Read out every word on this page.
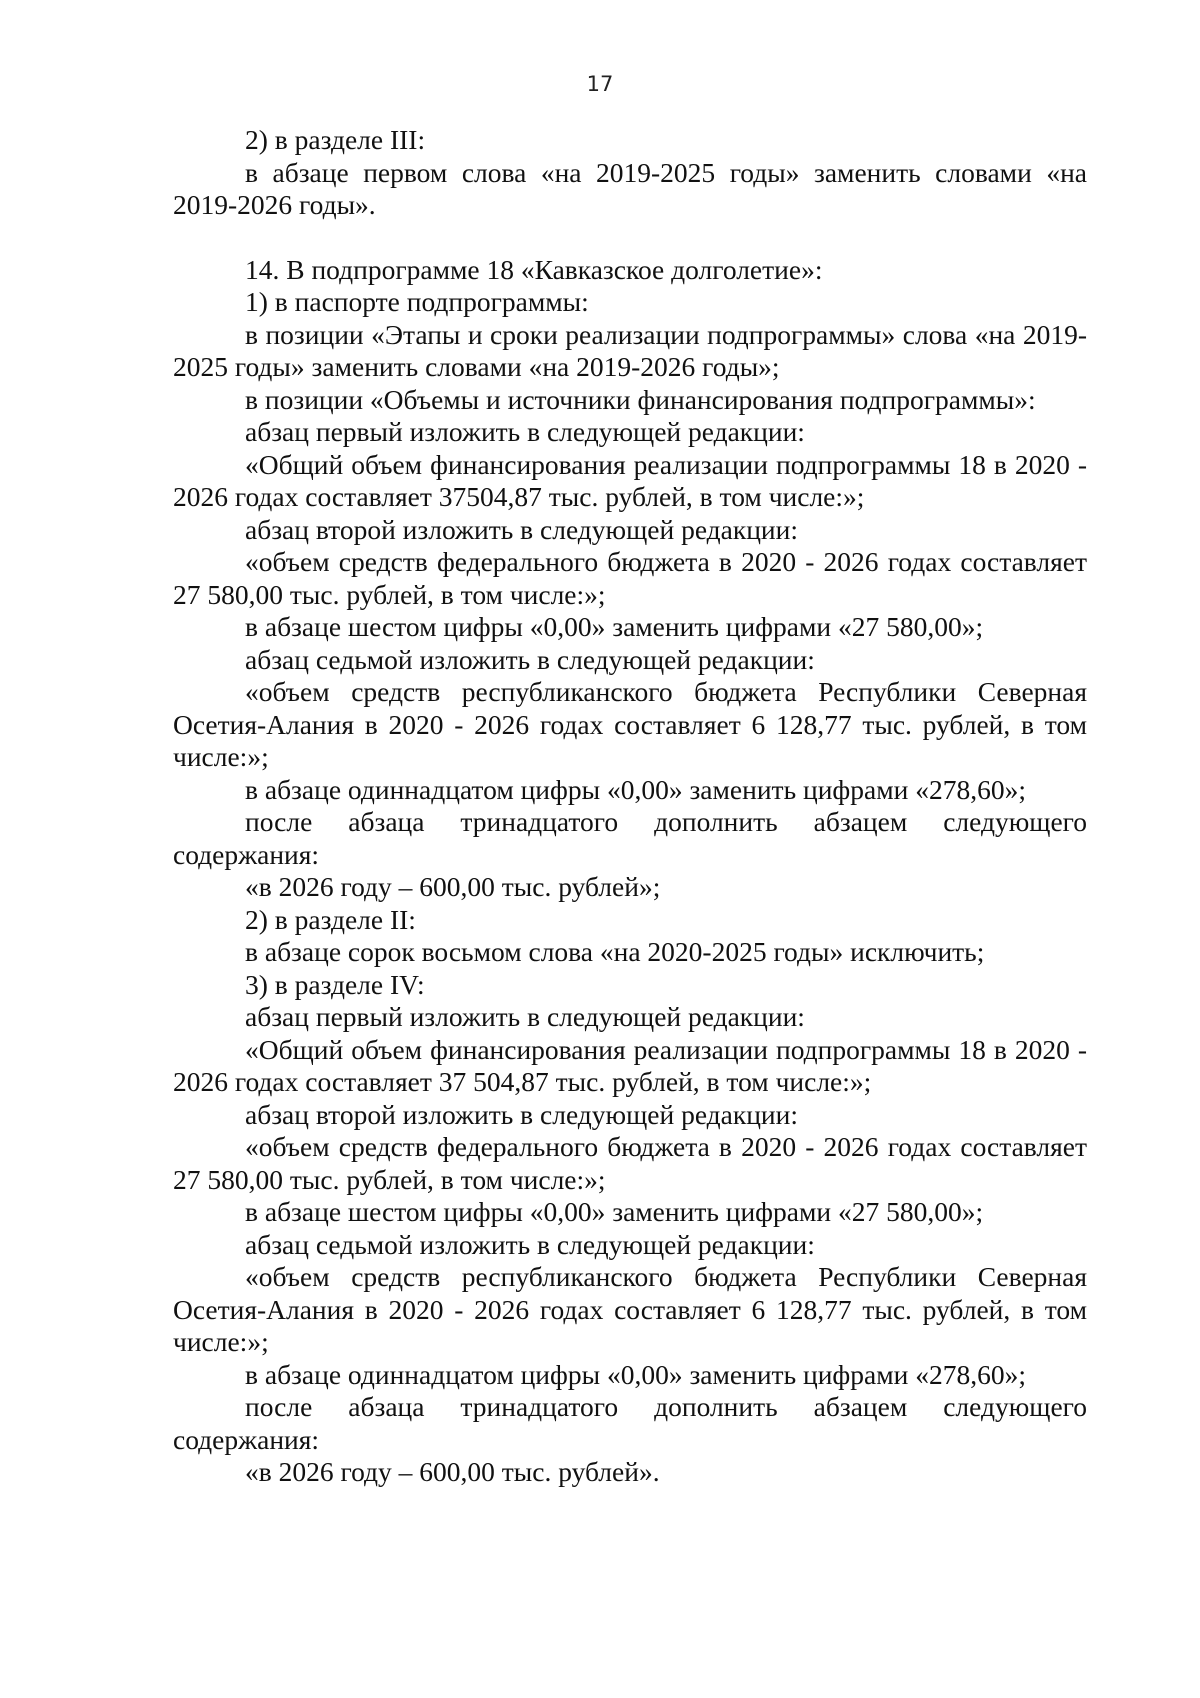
17

2) в разделе III:

в абзаце первом слова «на 2019-2025 годы» заменить словами «на 2019-2026 годы».

14. В подпрограмме 18 «Кавказское долголетие»:

1) в паспорте подпрограммы:

в позиции «Этапы и сроки реализации подпрограммы» слова «на 2019-2025 годы» заменить словами «на 2019-2026 годы»;

в позиции «Объемы и источники финансирования подпрограммы»:

абзац первый изложить в следующей редакции:

«Общий объем финансирования реализации подпрограммы 18 в 2020 - 2026 годах составляет 37504,87 тыс. рублей, в том числе:»;

абзац второй изложить в следующей редакции:

«объем средств федерального бюджета в 2020 - 2026 годах составляет 27 580,00 тыс. рублей, в том числе:»;

в абзаце шестом цифры «0,00» заменить цифрами «27 580,00»;

абзац седьмой изложить в следующей редакции:

«объем средств республиканского бюджета Республики Северная Осетия-Алания в 2020 - 2026 годах составляет 6 128,77 тыс. рублей, в том числе:»;

в абзаце одиннадцатом цифры «0,00» заменить цифрами «278,60»;

после абзаца тринадцатого дополнить абзацем следующего содержания:

«в 2026 году – 600,00 тыс. рублей»;

2) в разделе II:

в абзаце сорок восьмом слова «на 2020-2025 годы» исключить;

3) в разделе IV:

абзац первый изложить в следующей редакции:

«Общий объем финансирования реализации подпрограммы 18 в 2020 - 2026 годах составляет 37 504,87 тыс. рублей, в том числе:»;

абзац второй изложить в следующей редакции:

«объем средств федерального бюджета в 2020 - 2026 годах составляет 27 580,00 тыс. рублей, в том числе:»;

в абзаце шестом цифры «0,00» заменить цифрами «27 580,00»;

абзац седьмой изложить в следующей редакции:

«объем средств республиканского бюджета Республики Северная Осетия-Алания в 2020 - 2026 годах составляет 6 128,77 тыс. рублей, в том числе:»;

в абзаце одиннадцатом цифры «0,00» заменить цифрами «278,60»;

после абзаца тринадцатого дополнить абзацем следующего содержания:

«в 2026 году – 600,00 тыс. рублей».
